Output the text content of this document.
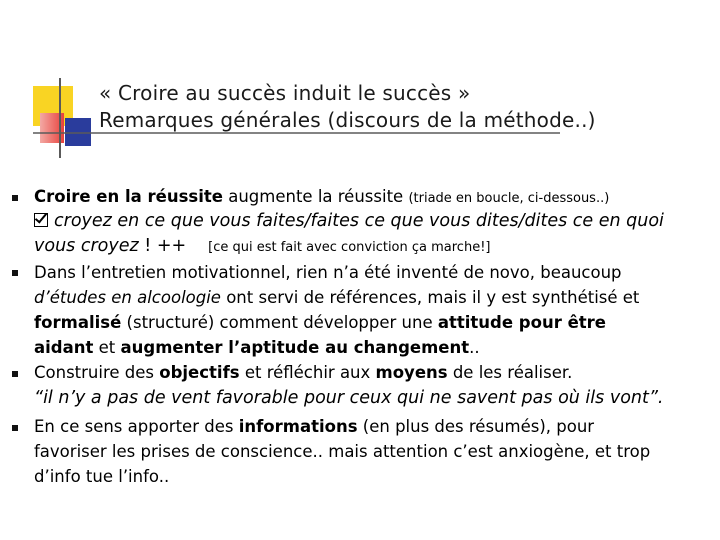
« Croire au succès induit le succès »
Remarques générales (discours de la méthode..)
Croire en la réussite augmente la réussite (triade en boucle, ci-dessous..)
croyez en ce que vous faites/faites ce que vous dites/dites ce en quoi
vous croyez ! ++ [ce qui est fait avec conviction ça marche!]
Dans l’entretien motivationnel, rien n’a été inventé de novo, beaucoup
d’études en alcoologie ont servi de références, mais il y est synthétisé et
formalisé (structuré) comment développer une attitude pour être
aidant et augmenter l’aptitude au changement..
Construire des objectifs et réfléchir aux moyens de les réaliser.
“il n’y a pas de vent favorable pour ceux qui ne savent pas où ils vont”.
En ce sens apporter des informations (en plus des résumés), pour
favoriser les prises de conscience.. mais attention c’est anxiogène, et trop
d’info tue l’info..
